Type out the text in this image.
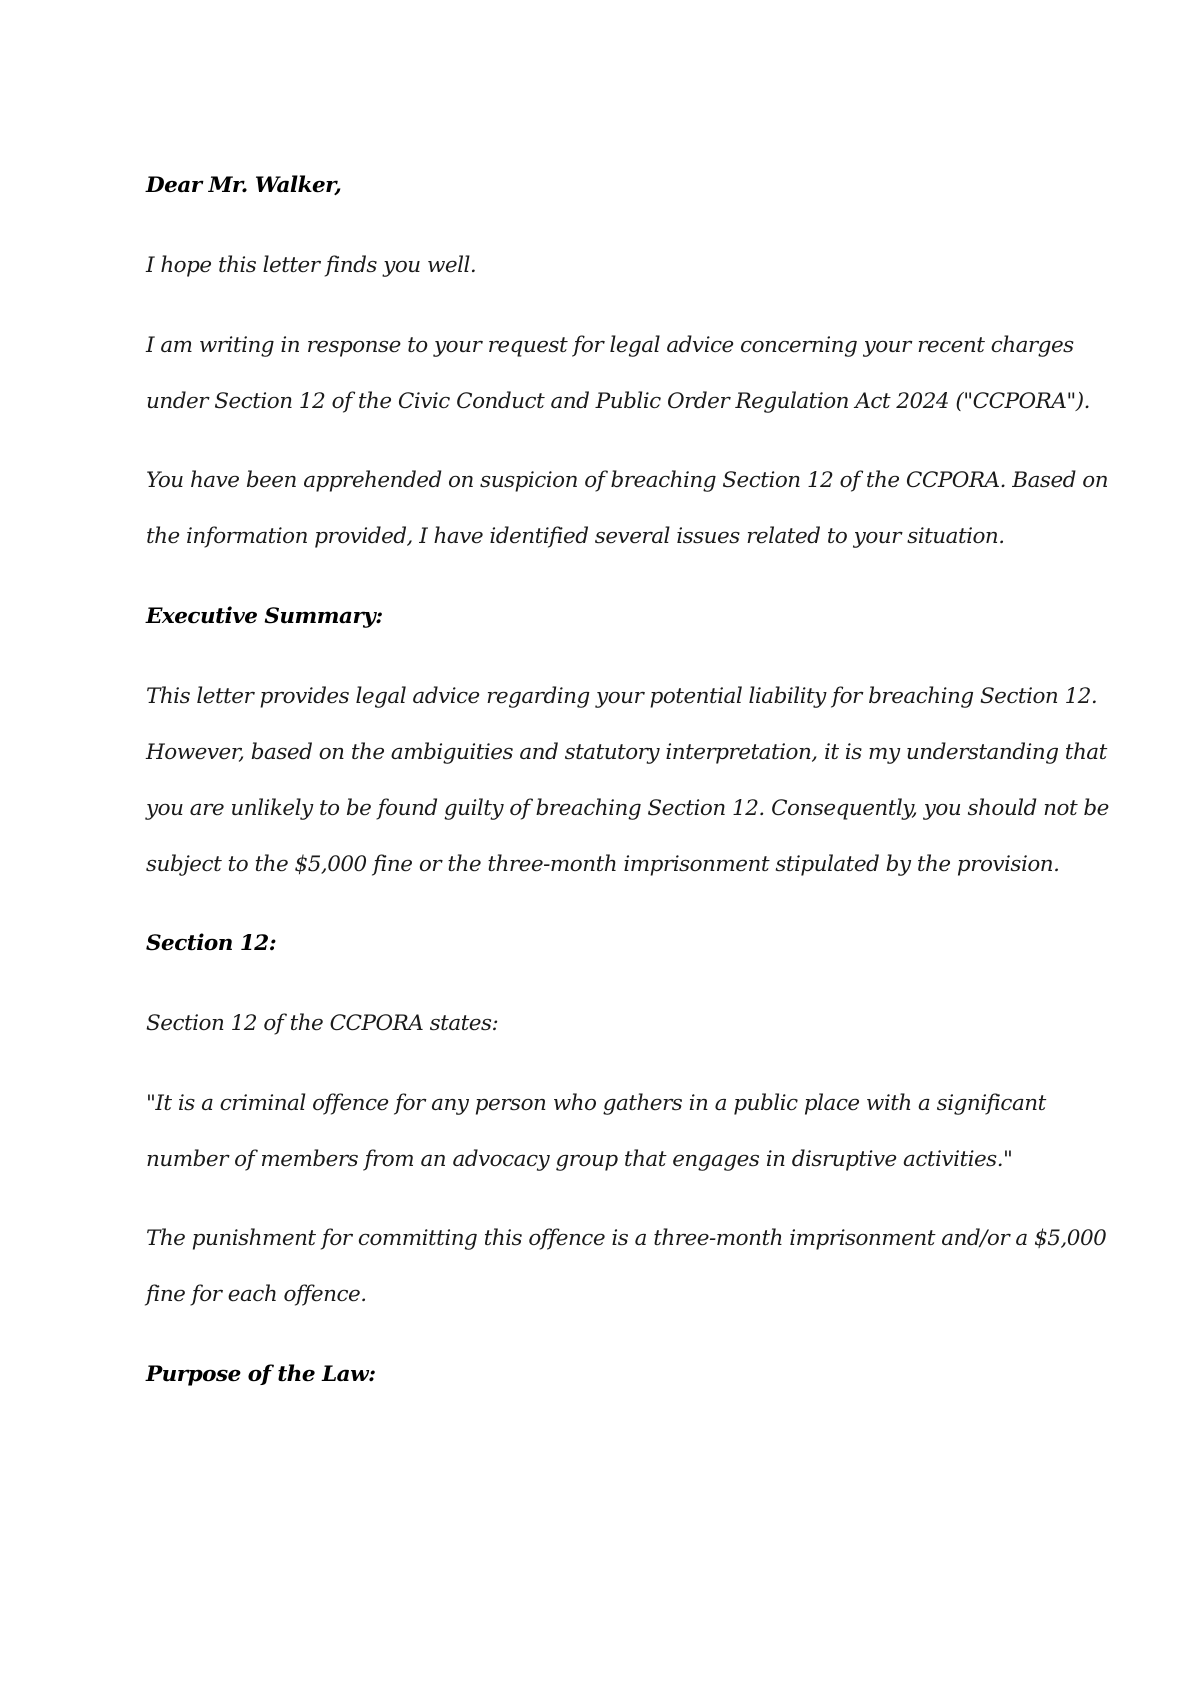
Dear Mr. Walker,

I hope this letter finds you well.

I am writing in response to your request for legal advice concerning your recent charges

under Section 12 of the Civic Conduct and Public Order Regulation Act 2024 ("CCPORA").

You have been apprehended on suspicion of breaching Section 12 of the CCPORA. Based on

the information provided, I have identified several issues related to your situation.

Executive Summary:

This letter provides legal advice regarding your potential liability for breaching Section 12.

However, based on the ambiguities and statutory interpretation, it is my understanding that

you are unlikely to be found guilty of breaching Section 12. Consequently, you should not be

subject to the $5,000 fine or the three-month imprisonment stipulated by the provision.

Section 12:

Section 12 of the CCPORA states:

"It is a criminal offence for any person who gathers in a public place with a significant

number of members from an advocacy group that engages in disruptive activities."

The punishment for committing this offence is a three-month imprisonment and/or a $5,000

fine for each offence.

Purpose of the Law:
